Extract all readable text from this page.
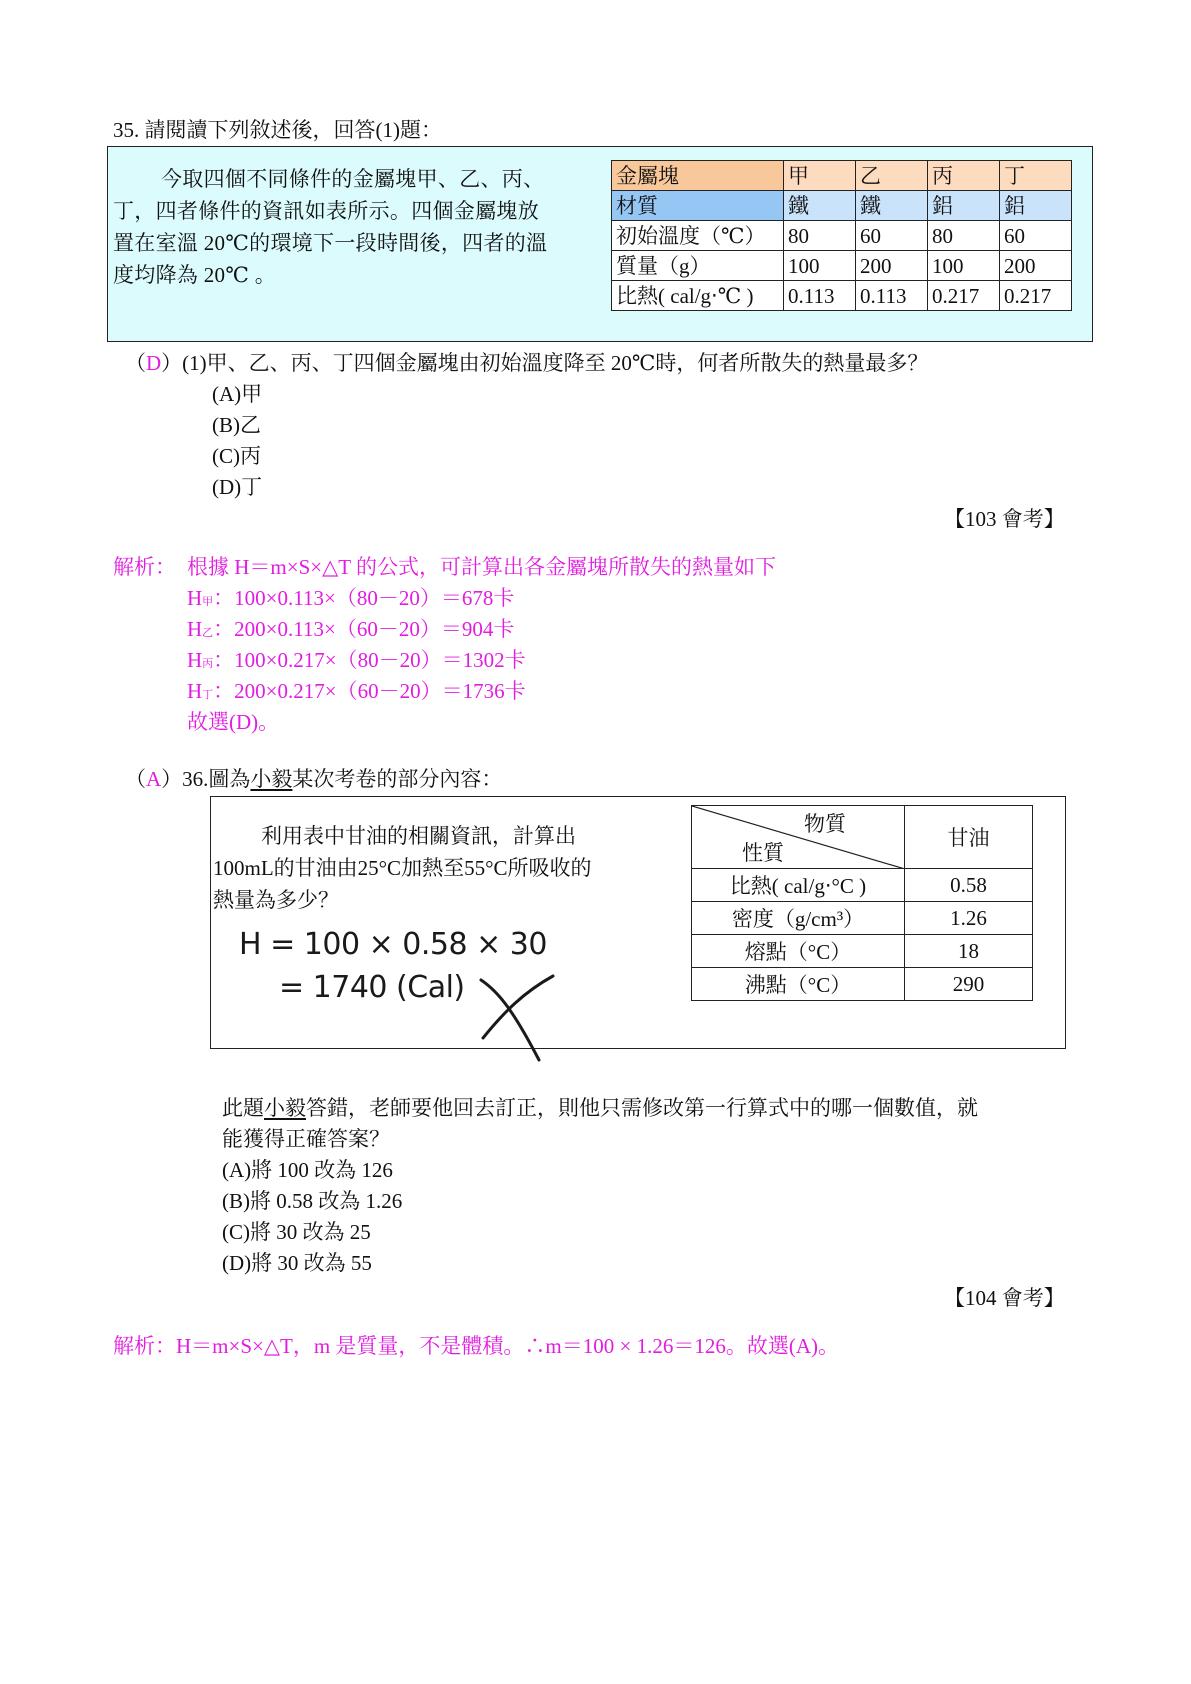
35. 請閱讀下列敘述後，回答(1)題：
今取四個不同條件的金屬塊甲、乙、丙、
丁，四者條件的資訊如表所示。四個金屬塊放
置在室溫 20℃的環境下一段時間後，四者的溫
度均降為 20℃ 。
金屬塊	甲	乙	丙	丁
材質	鐵	鐵	鋁	鋁
初始溫度（℃）	80	60	80	60
質量（g）	100	200	100	200
比熱( cal/g‧℃ )	0.113	0.113	0.217	0.217
（D）(1)甲、乙、丙、丁四個金屬塊由初始溫度降至 20℃時，何者所散失的熱量最多？
(A)甲
(B)乙
(C)丙
(D)丁
【103 會考】
解析： 根據 H＝m×S×△T 的公式，可計算出各金屬塊所散失的熱量如下
H甲：100×0.113×（80－20）＝678卡
H乙：200×0.113×（60－20）＝904卡
H丙：100×0.217×（80－20）＝1302卡
H丁：200×0.217×（60－20）＝1736卡
故選(D)。
（A）36.圖為小毅某次考卷的部分內容：
利用表中甘油的相關資訊，計算出
100mL的甘油由25°C加熱至55°C所吸收的
熱量為多少？
H = 100 × 0.58 × 30
= 1740 (Cal)
物質
性質	甘油
比熱( cal/g‧°C )	0.58
密度（g/cm³）	1.26
熔點（°C）	18
沸點（°C）	290
此題小毅答錯，老師要他回去訂正，則他只需修改第一行算式中的哪一個數值，就
能獲得正確答案？
(A)將 100 改為 126
(B)將 0.58 改為 1.26
(C)將 30 改為 25
(D)將 30 改為 55
【104 會考】
解析：H＝m×S×△T，m 是質量，不是體積。∴m＝100 × 1.26＝126。故選(A)。
